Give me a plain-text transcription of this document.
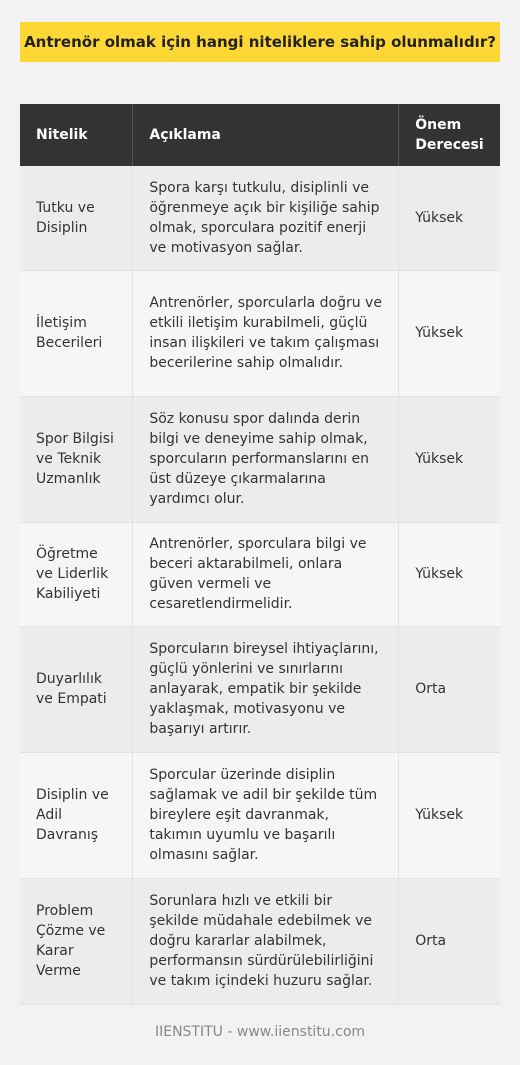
Antrenör olmak için hangi niteliklere sahip olunmalıdır?
Nitelik	Açıklama	Önem Derecesi
Tutku ve Disiplin	Spora karşı tutkulu, disiplinli ve öğrenmeye açık bir kişiliğe sahip olmak, sporculara pozitif enerji ve motivasyon sağlar.	Yüksek
İletişim Becerileri	Antrenörler, sporcularla doğru ve etkili iletişim kurabilmeli, güçlü insan ilişkileri ve takım çalışması becerilerine sahip olmalıdır.	Yüksek
Spor Bilgisi ve Teknik Uzmanlık	Söz konusu spor dalında derin bilgi ve deneyime sahip olmak, sporcuların performanslarını en üst düzeye çıkarmalarına yardımcı olur.	Yüksek
Öğretme ve Liderlik Kabiliyeti	Antrenörler, sporculara bilgi ve beceri aktarabilmeli, onlara güven vermeli ve cesaretlendirmelidir.	Yüksek
Duyarlılık ve Empati	Sporcuların bireysel ihtiyaçlarını, güçlü yönlerini ve sınırlarını anlayarak, empatik bir şekilde yaklaşmak, motivasyonu ve başarıyı artırır.	Orta
Disiplin ve Adil Davranış	Sporcular üzerinde disiplin sağlamak ve adil bir şekilde tüm bireylere eşit davranmak, takımın uyumlu ve başarılı olmasını sağlar.	Yüksek
Problem Çözme ve Karar Verme	Sorunlara hızlı ve etkili bir şekilde müdahale edebilmek ve doğru kararlar alabilmek, performansın sürdürülebilirliğini ve takım içindeki huzuru sağlar.	Orta
IIENSTITU - www.iienstitu.com
